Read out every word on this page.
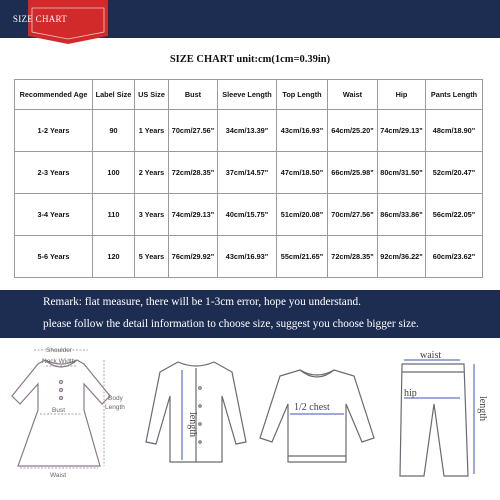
SIZE CHART
SIZE CHART unit:cm(1cm=0.39in)
Recommended Age	Label Size	US Size	Bust	Sleeve Length	Top Length	Waist	Hip	Pants Length
1-2 Years	90	1 Years	70cm/27.56"	34cm/13.39"	43cm/16.93"	64cm/25.20"	74cm/29.13"	48cm/18.90"
2-3 Years	100	2 Years	72cm/28.35"	37cm/14.57"	47cm/18.50"	66cm/25.98"	80cm/31.50"	52cm/20.47"
3-4 Years	110	3 Years	74cm/29.13"	40cm/15.75"	51cm/20.08"	70cm/27.56"	86cm/33.86"	56cm/22.05"
5-6 Years	120	5 Years	76cm/29.92"	43cm/16.93"	55cm/21.65"	72cm/28.35"	92cm/36.22"	60cm/23.62"
Remark: flat measure, there will be 1-3cm error, hope you understand.
please follow the detail information to choose size, suggest you choose bigger size.
Shoulder
Neck Width
Body
Length
Bust
Waist
length
1/2 chest
waist
hip
length
